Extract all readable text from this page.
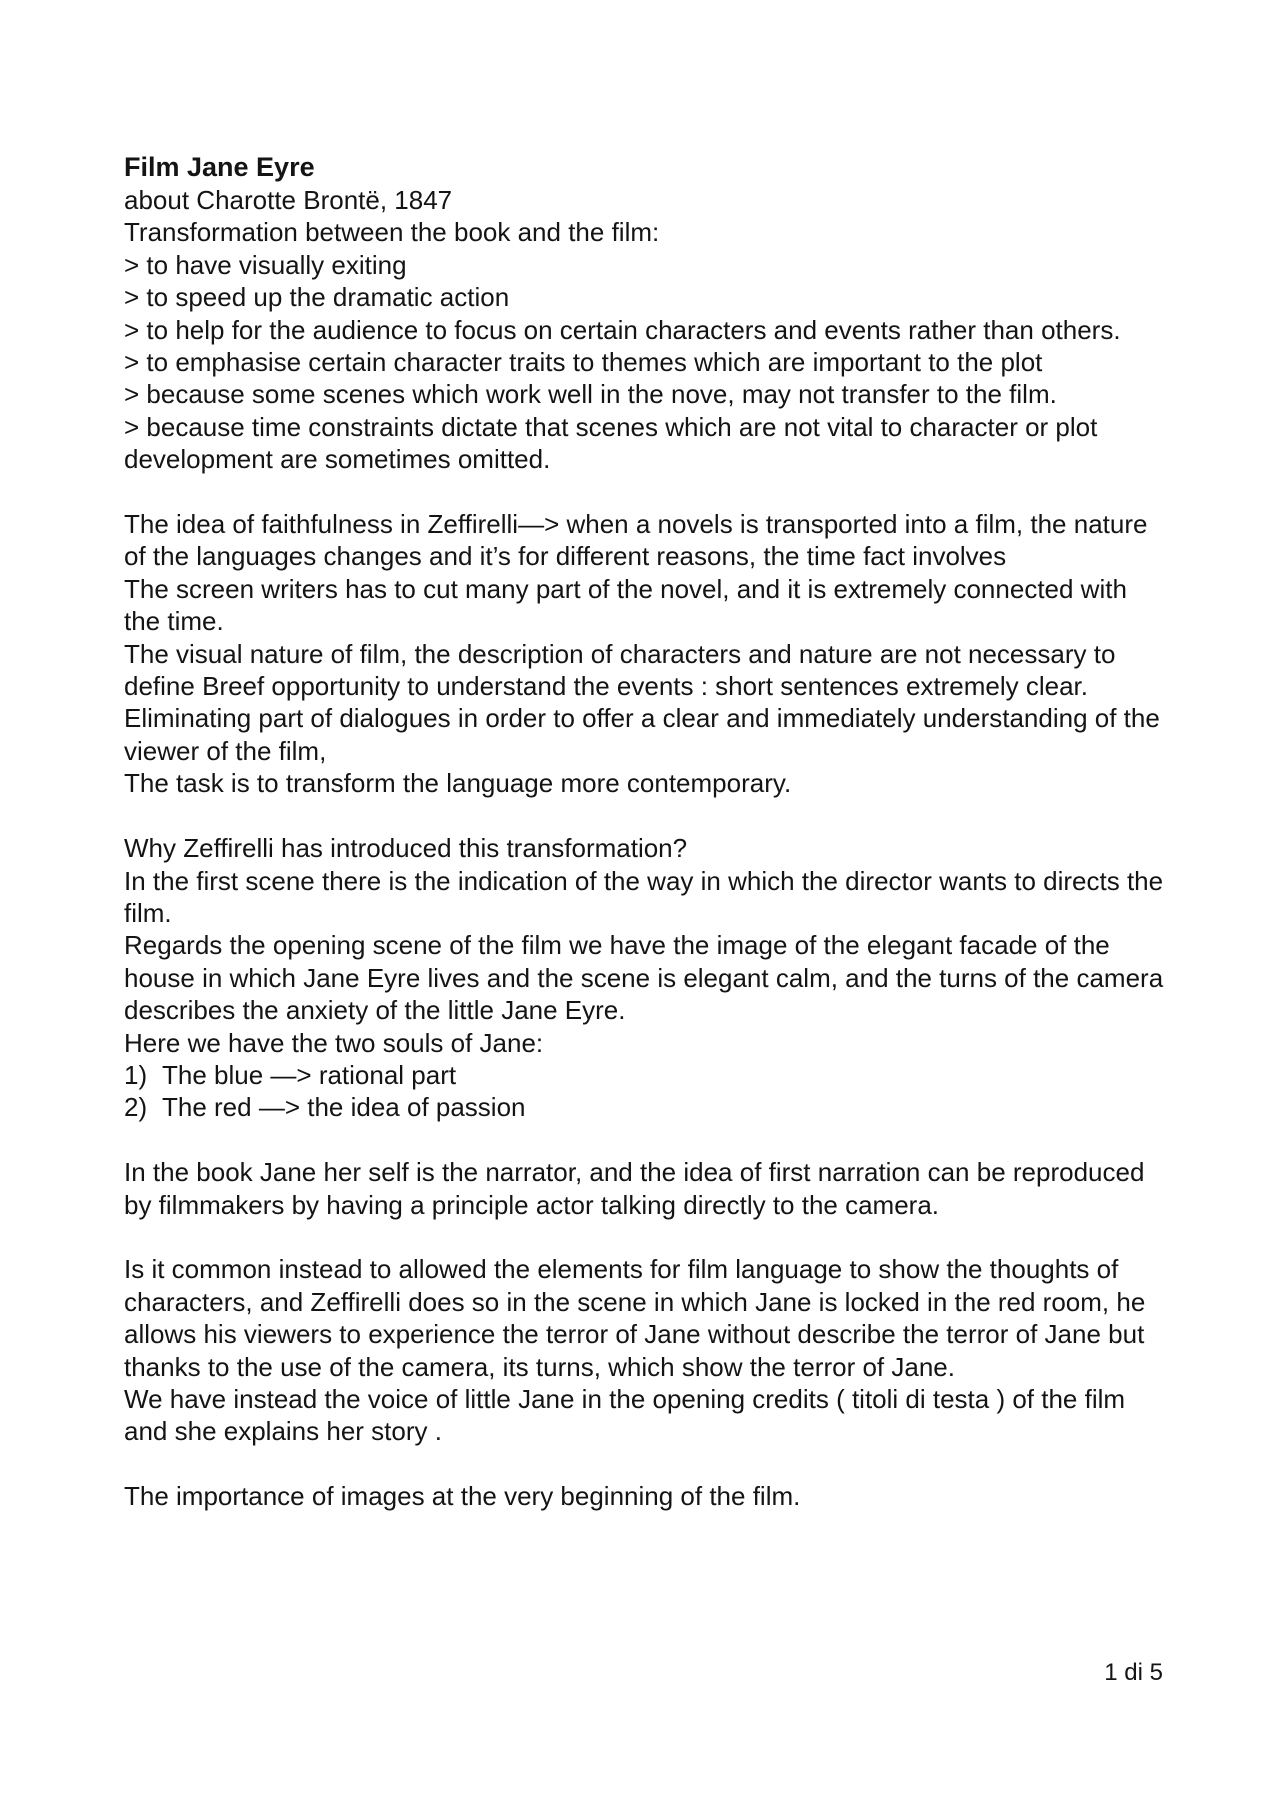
Film Jane Eyre

about Charotte Brontë, 1847

Transformation between the book and the film:

> to have visually exiting

> to speed up the dramatic action

> to help for the audience to focus on certain characters and events rather than others.

> to emphasise certain character traits to themes which are important to the plot

> because some scenes which work well in the nove, may not transfer to the film.

> because time constraints dictate that scenes which are not vital to character or plot development are sometimes omitted.

The idea of faithfulness in Zeffirelli—> when a novels is transported into a film, the nature of the languages changes and it’s for different reasons, the time fact involves

The screen writers has to cut many part of the novel, and it is extremely connected with the time.

The visual nature of film, the description of characters and nature are not necessary to define Breef opportunity to understand the events : short sentences extremely clear.

Eliminating part of dialogues in order to offer a clear and immediately understanding of the viewer of the film,

The task is to transform the language more contemporary.

Why Zeffirelli has introduced this transformation?

In the first scene there is the indication of the way in which the director wants to directs the film.

Regards the opening scene of the film we have the image of the elegant facade of the house in which Jane Eyre lives and the scene is elegant calm, and the turns of the camera describes the anxiety of the little Jane Eyre.

Here we have the two souls of Jane:

1) The blue —> rational part
2) The red —> the idea of passion

In the book Jane her self is the narrator, and the idea of first narration can be reproduced by filmmakers by having a principle actor talking directly to the camera.

Is it common instead to allowed the elements for film language to show the thoughts of characters, and Zeffirelli does so in the scene in which Jane is locked in the red room, he allows his viewers to experience the terror of Jane without describe the terror of Jane but thanks to the use of the camera, its turns, which show the terror of Jane.

We have instead the voice of little Jane in the opening credits ( titoli di testa ) of the film and she explains her story .

The importance of images at the very beginning of the film.

1 di 5
